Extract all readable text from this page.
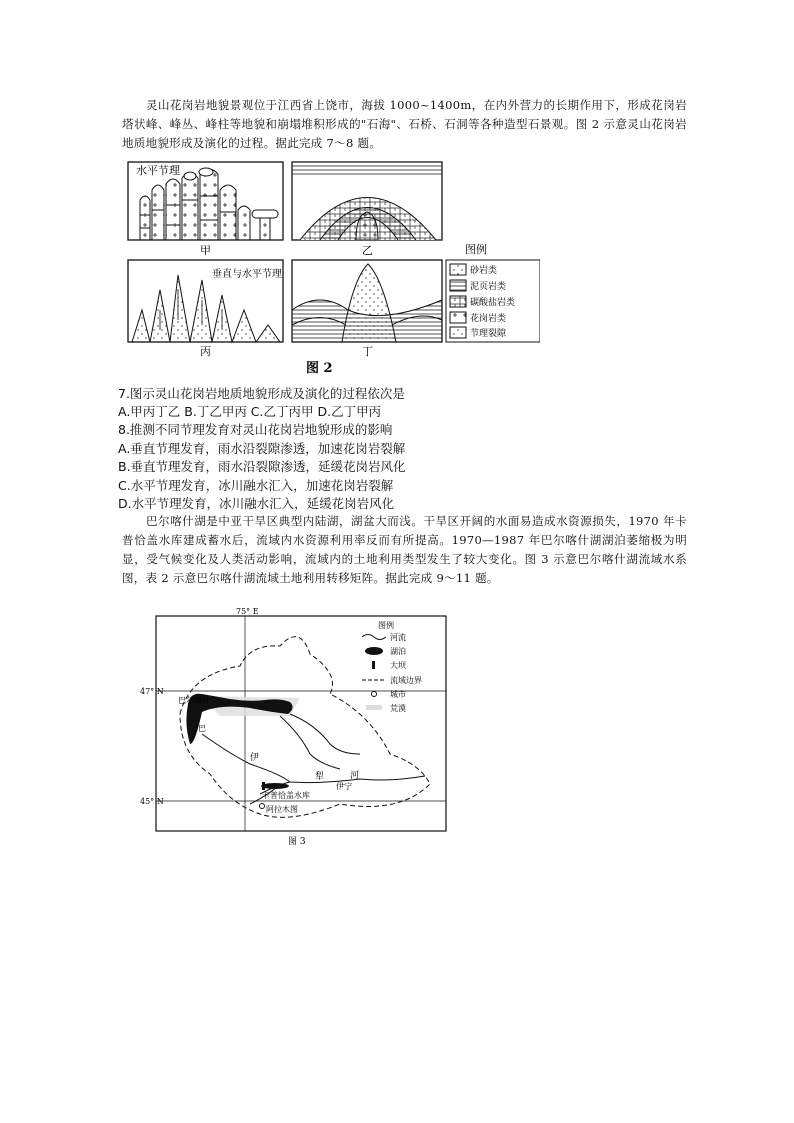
灵山花岗岩地貌景观位于江西省上饶市，海拔 1000~1400m，在内外营力的长期作用下，形成花岗岩塔状峰、峰丛、峰柱等地貌和崩塌堆积形成的"石海"、石桥、石洞等各种造型石景观。图 2 示意灵山花岗岩地质地貌形成及演化的过程。据此完成 7～8 题。
水平节理
甲	乙
垂直与水平节理
丙	丁
图例
砂岩类
泥页岩类
碳酸盐岩类
花岗岩类
节理裂隙
图 2
7.图示灵山花岗岩地质地貌形成及演化的过程依次是
A.甲丙丁乙 B.丁乙甲丙 C.乙丁丙甲 D.乙丁甲丙
8.推测不同节理发育对灵山花岗岩地貌形成的影响
A.垂直节理发育，雨水沿裂隙渗透，加速花岗岩裂解
B.垂直节理发育，雨水沿裂隙渗透，延缓花岗岩风化
C.水平节理发育，冰川融水汇入，加速花岗岩裂解
D.水平节理发育，冰川融水汇入，延缓花岗岩风化
巴尔喀什湖是中亚干旱区典型内陆湖，湖盆大而浅。干旱区开阔的水面易造成水资源损失，1970 年卡普恰盖水库建成蓄水后，流域内水资源利用率反而有所提高。1970—1987 年巴尔喀什湖湖泊萎缩极为明显，受气候变化及人类活动影响，流域内的土地利用类型发生了较大变化。图 3 示意巴尔喀什湖流域水系图，表 2 示意巴尔喀什湖流域土地利用转移矩阵。据此完成 9～11 题。
75° E
47° N
45° N
巴尔喀什
巴
伊
犁	河
伊宁
卡普恰盖水库
阿拉木图
图例
河流
湖泊
大坝
流域边界
城市
荒漠
图 3
